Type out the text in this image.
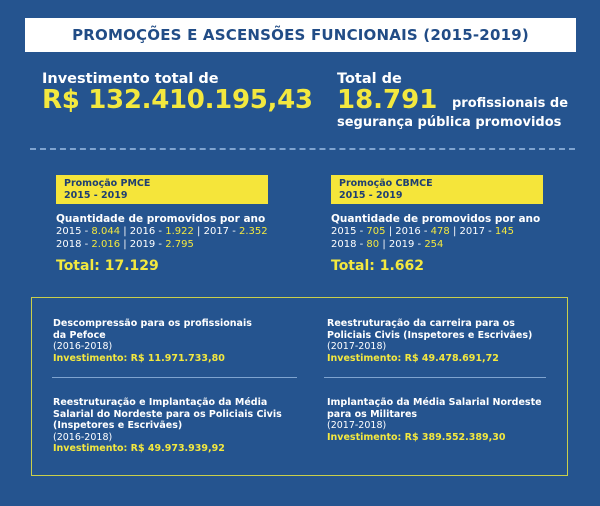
PROMOÇÕES E ASCENSÕES FUNCIONAIS (2015-2019)
Investimento total de
R$ 132.410.195,43
Total de
18.791 profissionais de
segurança pública promovidos
Promoção PMCE
2015 - 2019
Quantidade de promovidos por ano
2015 - 8.044 | 2016 - 1.922 | 2017 - 2.352
2018 - 2.016 | 2019 - 2.795
Total: 17.129
Promoção CBMCE
2015 - 2019
Quantidade de promovidos por ano
2015 - 705 | 2016 - 478 | 2017 - 145
2018 - 80 | 2019 - 254
Total: 1.662
Descompressão para os profissionais
da Pefoce
(2016-2018)
Investimento: R$ 11.971.733,80
Reestruturação da carreira para os
Policiais Civis (Inspetores e Escrivães)
(2017-2018)
Investimento: R$ 49.478.691,72
Reestruturação e Implantação da Média
Salarial do Nordeste para os Policiais Civis
(Inspetores e Escrivães)
(2016-2018)
Investimento: R$ 49.973.939,92
Implantação da Média Salarial Nordeste
para os Militares
(2017-2018)
Investimento: R$ 389.552.389,30
